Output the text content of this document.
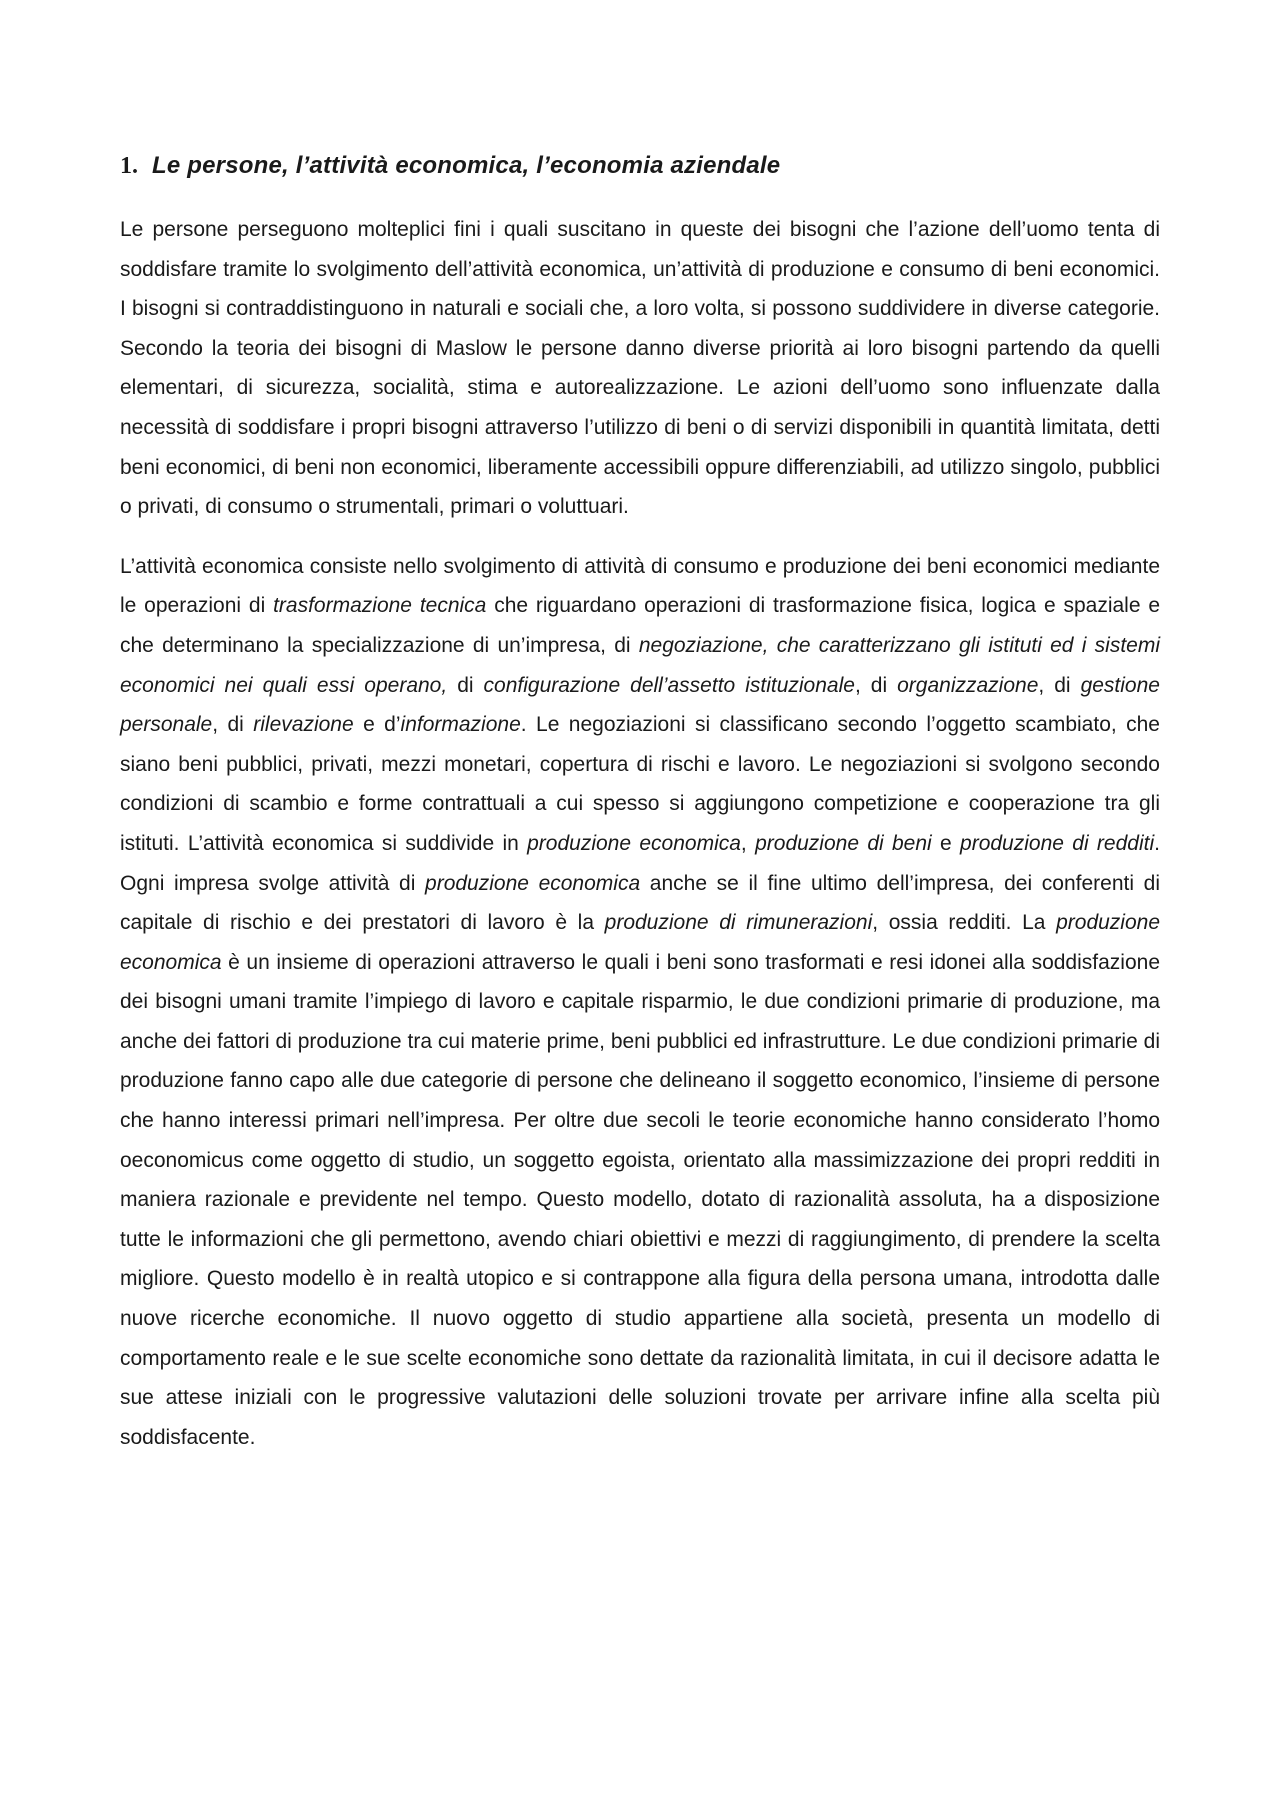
1. Le persone, l’attività economica, l’economia aziendale

Le persone perseguono molteplici fini i quali suscitano in queste dei bisogni che l’azione dell’uomo tenta di soddisfare tramite lo svolgimento dell’attività economica, un’attività di produzione e consumo di beni economici. I bisogni si contraddistinguono in naturali e sociali che, a loro volta, si possono suddividere in diverse categorie. Secondo la teoria dei bisogni di Maslow le persone danno diverse priorità ai loro bisogni partendo da quelli elementari, di sicurezza, socialità, stima e autorealizzazione. Le azioni dell’uomo sono influenzate dalla necessità di soddisfare i propri bisogni attraverso l’utilizzo di beni o di servizi disponibili in quantità limitata, detti beni economici, di beni non economici, liberamente accessibili oppure differenziabili, ad utilizzo singolo, pubblici o privati, di consumo o strumentali, primari o voluttuari.

L’attività economica consiste nello svolgimento di attività di consumo e produzione dei beni economici mediante le operazioni di trasformazione tecnica che riguardano operazioni di trasformazione fisica, logica e spaziale e che determinano la specializzazione di un’impresa, di negoziazione, che caratterizzano gli istituti ed i sistemi economici nei quali essi operano, di configurazione dell’assetto istituzionale, di organizzazione, di gestione personale, di rilevazione e d’informazione. Le negoziazioni si classificano secondo l’oggetto scambiato, che siano beni pubblici, privati, mezzi monetari, copertura di rischi e lavoro. Le negoziazioni si svolgono secondo condizioni di scambio e forme contrattuali a cui spesso si aggiungono competizione e cooperazione tra gli istituti. L’attività economica si suddivide in produzione economica, produzione di beni e produzione di redditi. Ogni impresa svolge attività di produzione economica anche se il fine ultimo dell’impresa, dei conferenti di capitale di rischio e dei prestatori di lavoro è la produzione di rimunerazioni, ossia redditi. La produzione economica è un insieme di operazioni attraverso le quali i beni sono trasformati e resi idonei alla soddisfazione dei bisogni umani tramite l’impiego di lavoro e capitale risparmio, le due condizioni primarie di produzione, ma anche dei fattori di produzione tra cui materie prime, beni pubblici ed infrastrutture. Le due condizioni primarie di produzione fanno capo alle due categorie di persone che delineano il soggetto economico, l’insieme di persone che hanno interessi primari nell’impresa. Per oltre due secoli le teorie economiche hanno considerato l’homo oeconomicus come oggetto di studio, un soggetto egoista, orientato alla massimizzazione dei propri redditi in maniera razionale e previdente nel tempo. Questo modello, dotato di razionalità assoluta, ha a disposizione tutte le informazioni che gli permettono, avendo chiari obiettivi e mezzi di raggiungimento, di prendere la scelta migliore. Questo modello è in realtà utopico e si contrappone alla figura della persona umana, introdotta dalle nuove ricerche economiche. Il nuovo oggetto di studio appartiene alla società, presenta un modello di comportamento reale e le sue scelte economiche sono dettate da razionalità limitata, in cui il decisore adatta le sue attese iniziali con le progressive valutazioni delle soluzioni trovate per arrivare infine alla scelta più soddisfacente.
